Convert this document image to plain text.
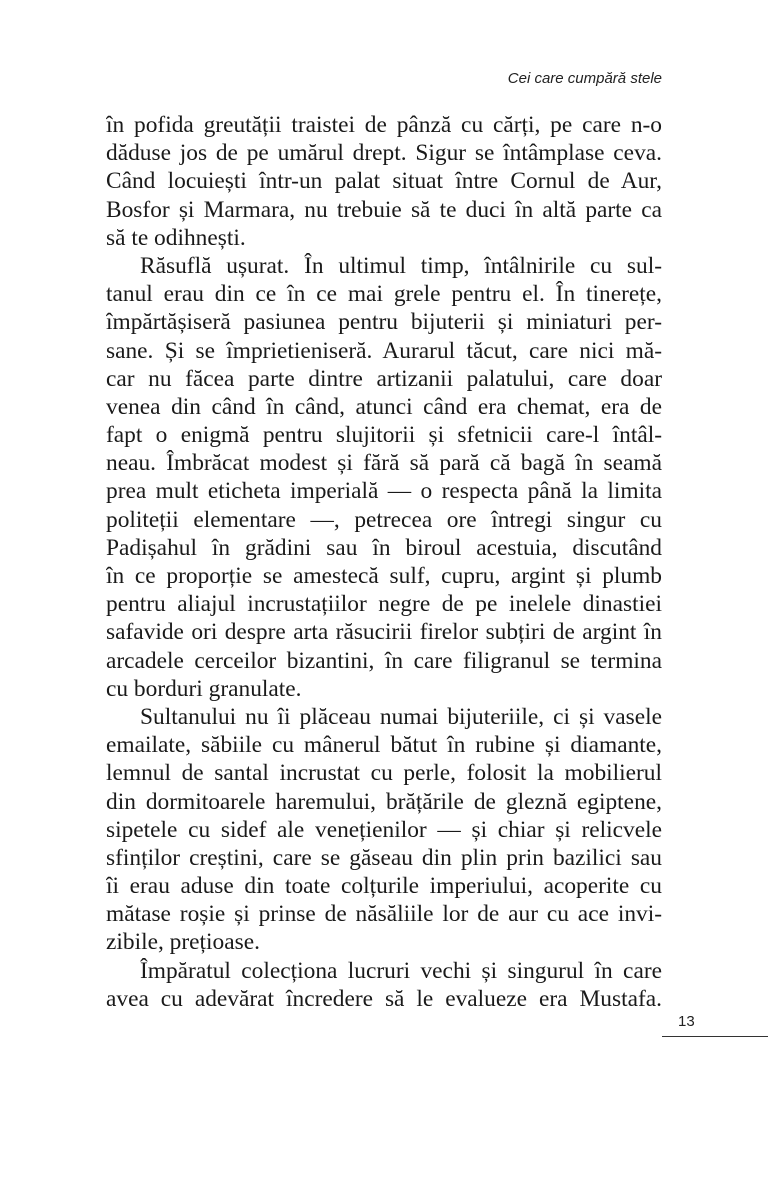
Cei care cumpără stele
în pofida greutății traistei de pânză cu cărți, pe care n-o
dăduse jos de pe umărul drept. Sigur se întâmplase ceva.
Când locuiești într-un palat situat între Cornul de Aur,
Bosfor și Marmara, nu trebuie să te duci în altă parte ca
să te odihnești.
Răsuflă ușurat. În ultimul timp, întâlnirile cu sul-
tanul erau din ce în ce mai grele pentru el. În tinerețe,
împărtășiseră pasiunea pentru bijuterii și miniaturi per-
sane. Și se împrietieniseră. Aurarul tăcut, care nici mă-
car nu făcea parte dintre artizanii palatului, care doar
venea din când în când, atunci când era chemat, era de
fapt o enigmă pentru slujitorii și sfetnicii care-l întâl-
neau. Îmbrăcat modest și fără să pară că bagă în seamă
prea mult eticheta imperială — o respecta până la limita
politeții elementare —, petrecea ore întregi singur cu
Padișahul în grădini sau în biroul acestuia, discutând
în ce proporție se amestecă sulf, cupru, argint și plumb
pentru aliajul incrustațiilor negre de pe inelele dinastiei
safavide ori despre arta răsucirii firelor subțiri de argint în
arcadele cerceilor bizantini, în care filigranul se termina
cu borduri granulate.
Sultanului nu îi plăceau numai bijuteriile, ci și vasele
emailate, săbiile cu mânerul bătut în rubine și diamante,
lemnul de santal incrustat cu perle, folosit la mobilierul
din dormitoarele haremului, brățările de gleznă egiptene,
sipetele cu sidef ale venețienilor — și chiar și relicvele
sfinților creștini, care se găseau din plin prin bazilici sau
îi erau aduse din toate colțurile imperiului, acoperite cu
mătase roșie și prinse de năsăliile lor de aur cu ace invi-
zibile, prețioase.
Împăratul colecționa lucruri vechi și singurul în care
avea cu adevărat încredere să le evalueze era Mustafa.
13
